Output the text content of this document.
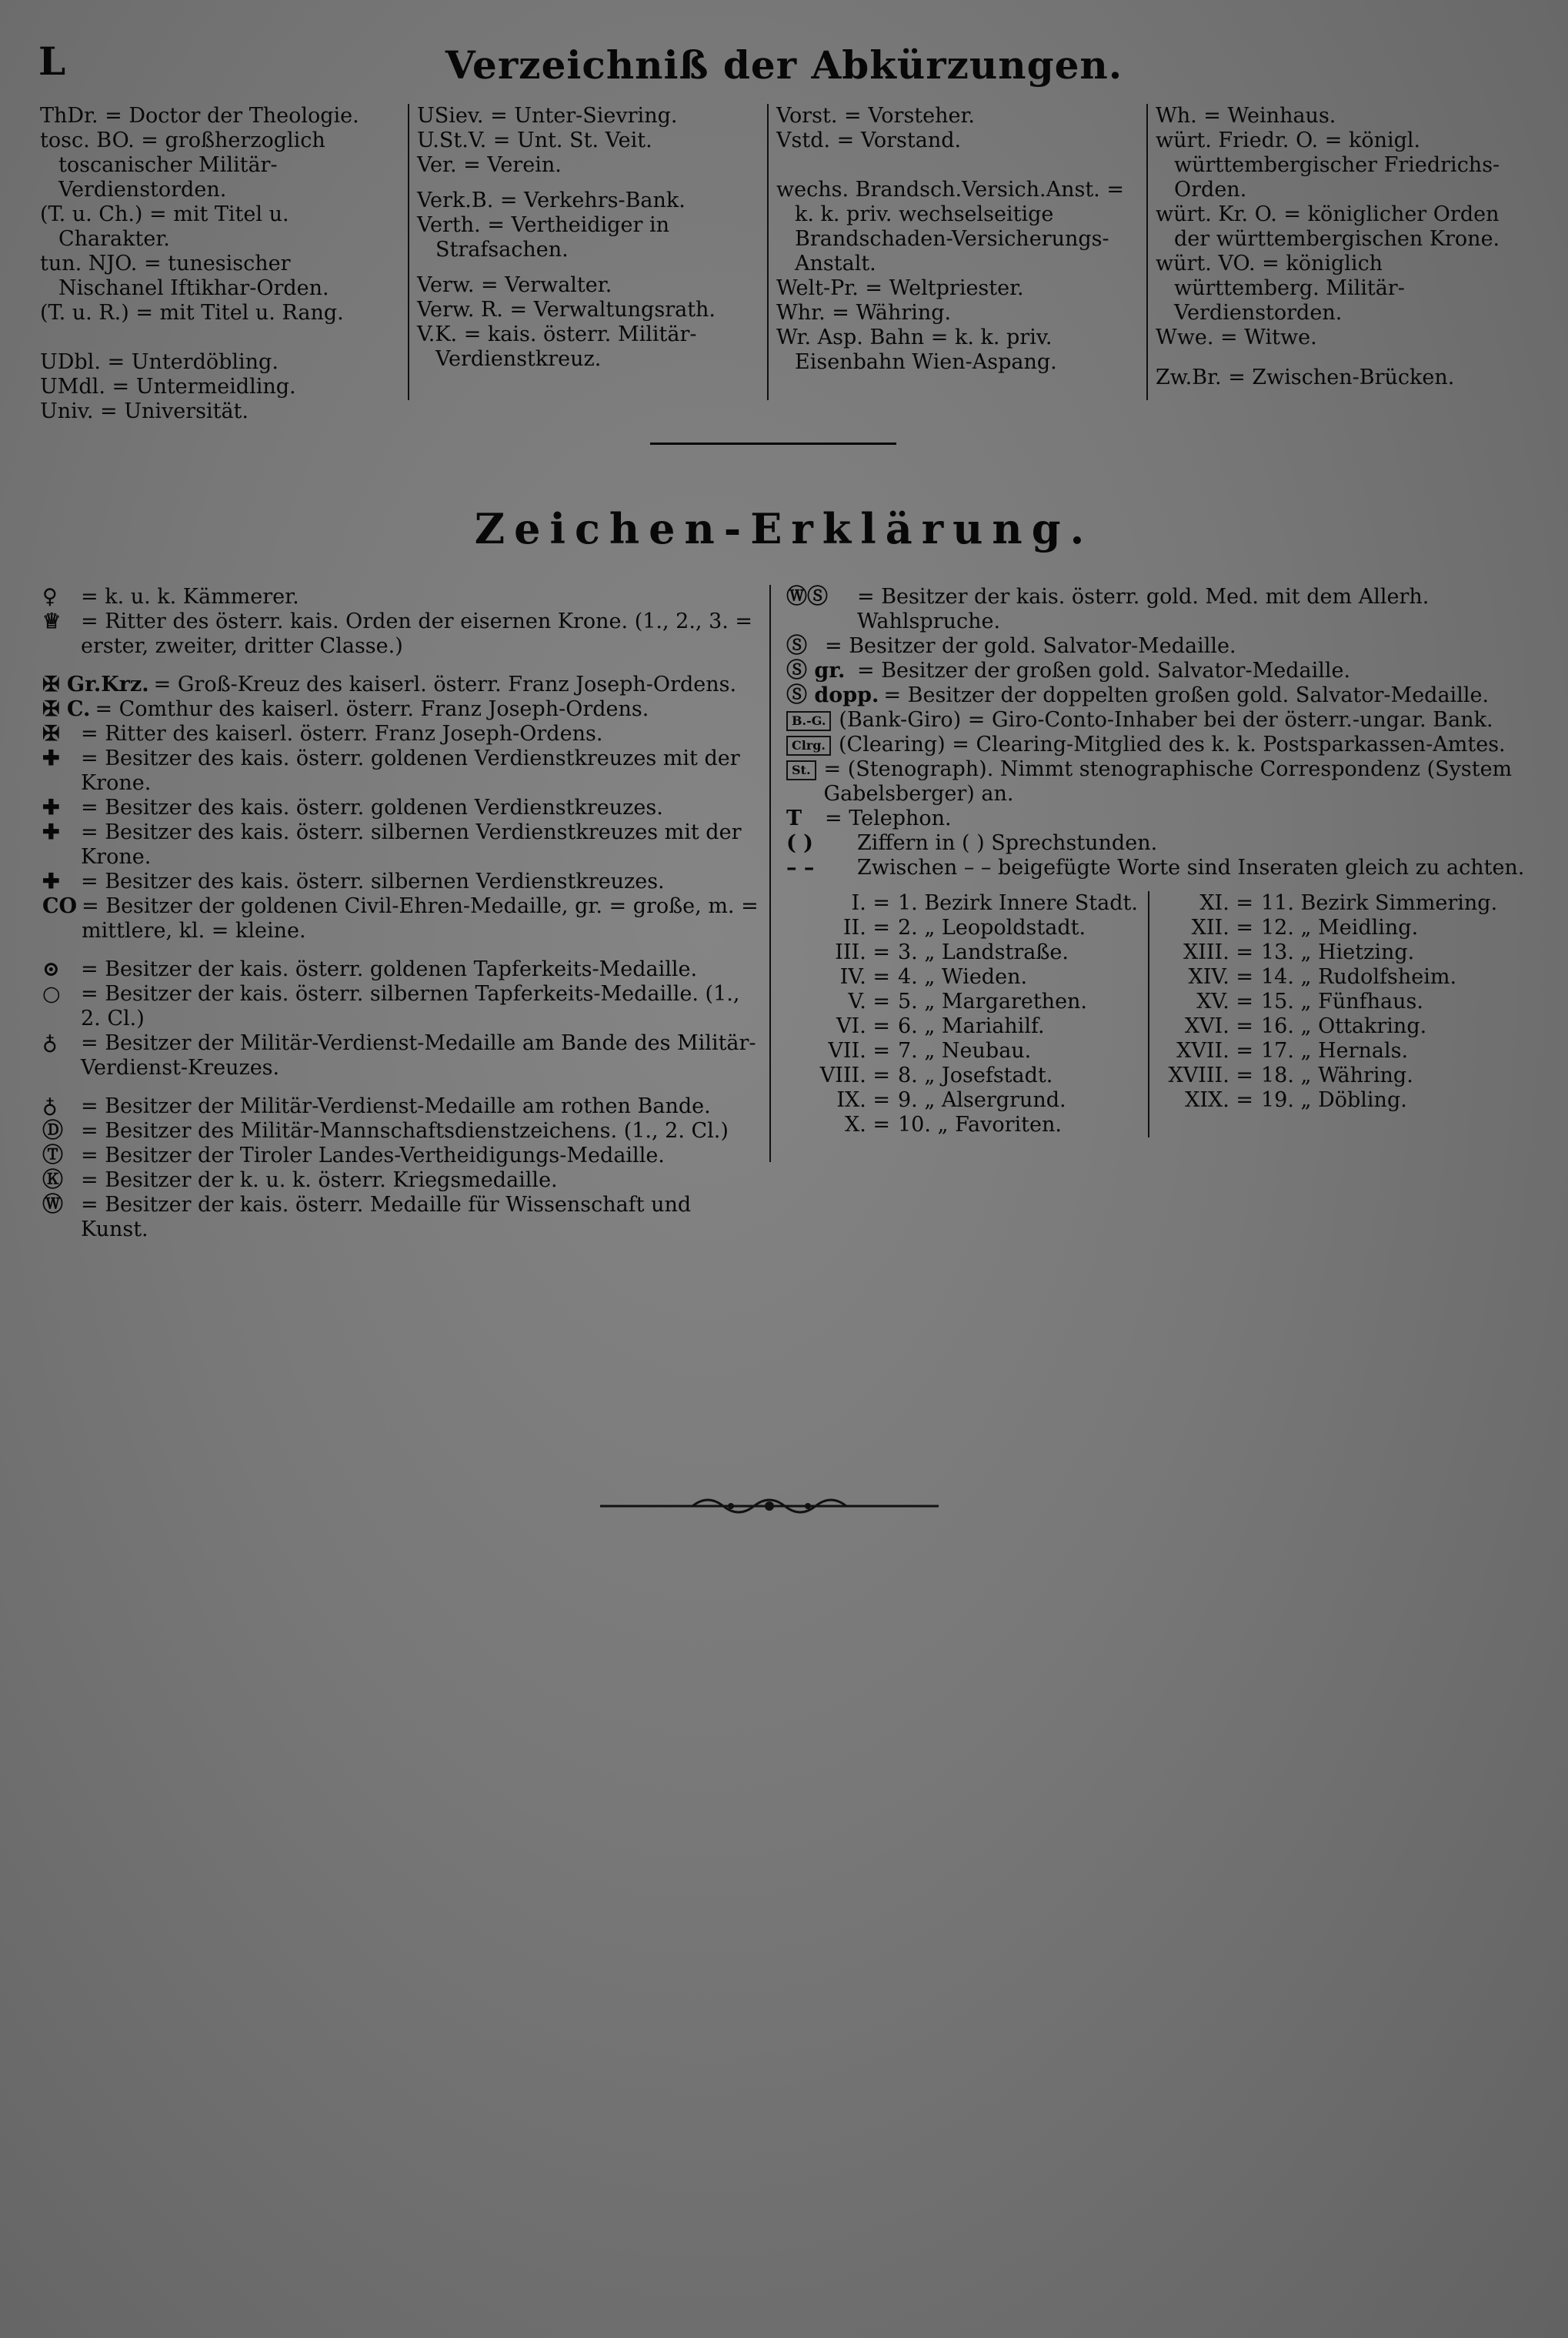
L	Verzeichniß der Abkürzungen.

ThDr. = Doctor der Theologie.

tosc. BO. = großherzoglich toscanischer Militär-Verdienstorden.

(T. u. Ch.) = mit Titel u. Charakter.

tun. NJO. = tunesischer Nischanel Iftikhar-Orden.

(T. u. R.) = mit Titel u. Rang.

UDbl. = Unterdöbling.

UMdl. = Untermeidling.

Univ. = Universität.

USiev. = Unter-Sievring.

U.St.V. = Unt. St. Veit.

Ver. = Verein.

Verk.B. = Verkehrs-Bank.

Verth. = Vertheidiger in Strafsachen.

Verw. = Verwalter.

Verw. R. = Verwaltungsrath.

V.K. = kais. österr. Militär-Verdienstkreuz.

Vorst. = Vorsteher.

Vstd. = Vorstand.

wechs. Brandsch.Versich.Anst. = k. k. priv. wechselseitige Brandschaden-Versicherungs-Anstalt.

Welt-Pr. = Weltpriester.

Whr. = Währing.

Wr. Asp. Bahn = k. k. priv. Eisenbahn Wien-Aspang.

Wh. = Weinhaus.

würt. Friedr. O. = königl. württembergischer Friedrichs-Orden.

würt. Kr. O. = königlicher Orden der württembergischen Krone.

würt. VO. = königlich württemberg. Militär-Verdienstorden.

Wwe. = Witwe.

Zw.Br. = Zwischen-Brücken.

Zeichen-Erklärung.
♀	= k. u. k. Kämmerer.
♕ = Ritter des österr. kais. Orden der eisernen Krone. (1., 2., 3. = erster, zweiter, dritter Classe.)
✠ Gr.Krz. = Groß-Kreuz des kaiserl. österr. Franz Joseph-Ordens.
✠ C. = Comthur des kaiserl. österr. Franz Joseph-Ordens.
✠	= Ritter des kaiserl. österr. Franz Joseph-Ordens.
✚	= Besitzer des kais. österr. goldenen Verdienstkreuzes mit der Krone.
✚	= Besitzer des kais. österr. goldenen Verdienstkreuzes.
✚	= Besitzer des kais. österr. silbernen Verdienstkreuzes mit der Krone.
✚	= Besitzer des kais. österr. silbernen Verdienstkreuzes.
CO = Besitzer der goldenen Civil-Ehren-Medaille, gr. = große, m. = mittlere, kl. = kleine.
⊙	= Besitzer der kais. österr. goldenen Tapferkeits-Medaille.
○ = Besitzer der kais. österr. silbernen Tapferkeits-Medaille. (1., 2. Cl.)
♁	= Besitzer der Militär-Verdienst-Medaille am Bande des Militär-Verdienst-Kreuzes.
♁	= Besitzer der Militär-Verdienst-Medaille am rothen Bande.
Ⓓ = Besitzer des Militär-Mannschaftsdienstzeichens. (1., 2. Cl.)
Ⓣ = Besitzer der Tiroler Landes-Vertheidigungs-Medaille.
Ⓚ = Besitzer der k. u. k. österr. Kriegsmedaille.
Ⓦ = Besitzer der kais. österr. Medaille für Wissenschaft und Kunst.
ⓌⓈ	= Besitzer der kais. österr. gold. Med. mit dem Allerh. Wahlspruche.
Ⓢ = Besitzer der gold. Salvator-Medaille.
Ⓢ gr. = Besitzer der großen gold. Salvator-Medaille.
Ⓢ dopp. = Besitzer der doppelten großen gold. Salvator-Medaille.
B.-G. (Bank-Giro) = Giro-Conto-Inhaber bei der österr.-ungar. Bank.
Clrg. (Clearing) = Clearing-Mitglied des k. k. Postsparkassen-Amtes.
St. = (Stenograph). Nimmt stenographische Correspondenz (System Gabelsberger) an.
T	= Telephon.
( )	Ziffern in ( ) Sprechstunden.
– –	Zwischen – – beigefügte Worte sind Inseraten gleich zu achten.
I. = 1. Bezirk Innere Stadt.
II. = 2. „ Leopoldstadt.
III. = 3. „ Landstraße.
IV. = 4. „ Wieden.
V. = 5. „ Margarethen.
VI. = 6. „ Mariahilf.
VII. = 7. „ Neubau.
VIII. = 8. „ Josefstadt.
IX. = 9. „ Alsergrund.
X. = 10. „ Favoriten.
XI. = 11. Bezirk Simmering.
XII. = 12. „ Meidling.
XIII. = 13. „ Hietzing.
XIV. = 14. „ Rudolfsheim.
XV. = 15. „ Fünfhaus.
XVI. = 16. „ Ottakring.
XVII. = 17. „ Hernals.
XVIII. = 18. „ Währing.
XIX. = 19. „ Döbling.
